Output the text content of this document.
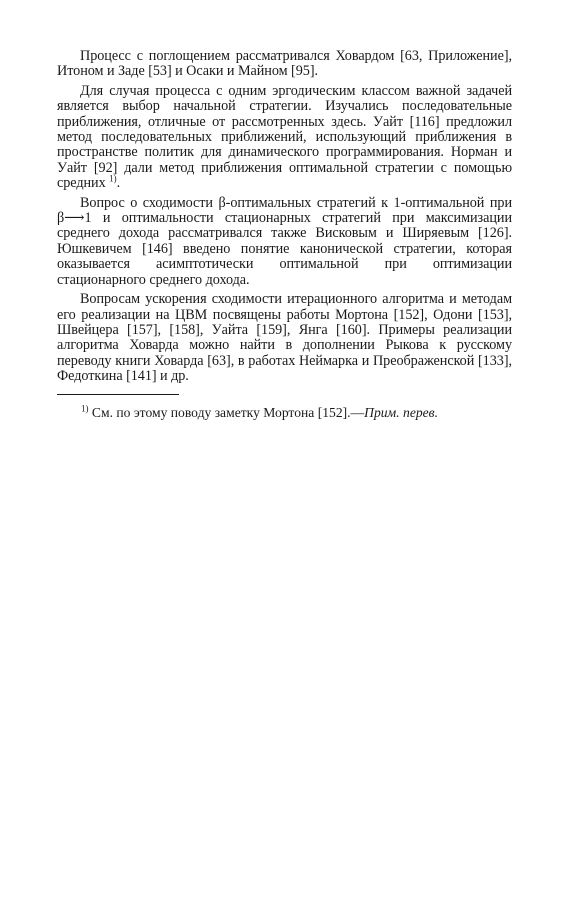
Процесс с поглощением рассматривался Ховардом [63, Приложение], Итоном и Заде [53] и Осаки и Майном [95].

Для случая процесса с одним эргодическим классом важной задачей является выбор начальной стратегии. Изучались последовательные приближения, отличные от рассмотренных здесь. Уайт [116] предложил метод последовательных приближений, использующий приближения в пространстве политик для динамического программирования. Норман и Уайт [92] дали метод приближения оптимальной стратегии с помощью средних $^{1)}$.

Вопрос о сходимости β-оптимальных стратегий к 1-оптимальной при β⟶1 и оптимальности стационарных стратегий при максимизации среднего дохода рассматривался также Висковым и Ширяевым [126]. Юшкевичем [146] введено понятие канонической стратегии, которая оказывается асимптотически оптимальной при оптимизации стационарного среднего дохода.

Вопросам ускорения сходимости итерационного алгоритма и методам его реализации на ЦВМ посвящены работы Мортона [152], Одони [153], Швейцера [157], [158], Уайта [159], Янга [160]. Примеры реализации алгоритма Ховарда можно найти в дополнении Рыкова к русскому переводу книги Ховарда [63], в работах Неймарка и Преображенской [133], Федоткина [141] и др.

$^{1)}$ См. по этому поводу заметку Мортона [152].—Прим. перев.
